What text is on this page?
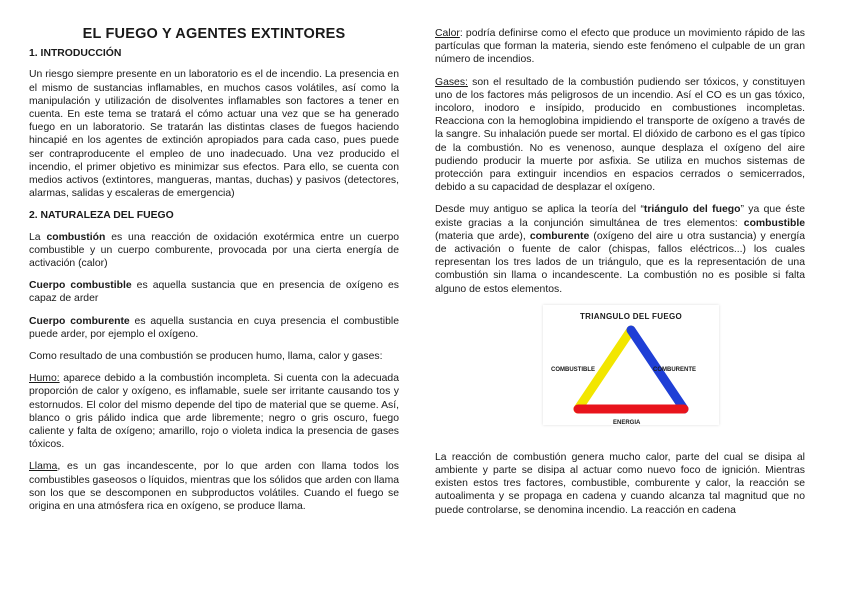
EL FUEGO Y AGENTES EXTINTORES
1. INTRODUCCIÓN

Un riesgo siempre presente en un laboratorio es el de incendio. La presencia en el mismo de sustancias inflamables, en muchos casos volátiles, así como la manipulación y utilización de disolventes inflamables son factores a tener en cuenta. En este tema se tratará el cómo actuar una vez que se ha generado fuego en un laboratorio. Se tratarán las distintas clases de fuegos haciendo hincapié en los agentes de extinción apropiados para cada caso, pues puede ser contraproducente el empleo de uno inadecuado. Una vez producido el incendio, el primer objetivo es minimizar sus efectos. Para ello, se cuenta con medios activos (extintores, mangueras, mantas, duchas) y pasivos (detectores, alarmas, salidas y escaleras de emergencia)

2. NATURALEZA DEL FUEGO

La combustión es una reacción de oxidación exotérmica entre un cuerpo combustible y un cuerpo comburente, provocada por una cierta energía de activación (calor)

Cuerpo combustible es aquella sustancia que en presencia de oxígeno es capaz de arder

Cuerpo comburente es aquella sustancia en cuya presencia el combustible puede arder, por ejemplo el oxígeno.

Como resultado de una combustión se producen humo, llama, calor y gases:

Humo: aparece debido a la combustión incompleta. Si cuenta con la adecuada proporción de calor y oxígeno, es inflamable, suele ser irritante causando tos y estornudos. El color del mismo depende del tipo de material que se queme. Así, blanco o gris pálido indica que arde libremente; negro o gris oscuro, fuego caliente y falta de oxígeno; amarillo, rojo o violeta indica la presencia de gases tóxicos.

Llama, es un gas incandescente, por lo que arden con llama todos los combustibles gaseosos o líquidos, mientras que los sólidos que arden con llama son los que se descomponen en subproductos volátiles. Cuando el fuego se origina en una atmósfera rica en oxígeno, se produce llama.

Calor: podría definirse como el efecto que produce un movimiento rápido de las partículas que forman la materia, siendo este fenómeno el culpable de un gran número de incendios.

Gases: son el resultado de la combustión pudiendo ser tóxicos, y constituyen uno de los factores más peligrosos de un incendio. Así el CO es un gas tóxico, incoloro, inodoro e insípido, producido en combustiones incompletas. Reacciona con la hemoglobina impidiendo el transporte de oxígeno a través de la sangre. Su inhalación puede ser mortal. El dióxido de carbono es el gas típico de la combustión. No es venenoso, aunque desplaza el oxígeno del aire pudiendo producir la muerte por asfixia. Se utiliza en muchos sistemas de protección para extinguir incendios en espacios cerrados o semicerrados, debido a su capacidad de desplazar el oxígeno.

Desde muy antiguo se aplica la teoría del “triángulo del fuego” ya que éste existe gracias a la conjunción simultánea de tres elementos: combustible (materia que arde), comburente (oxígeno del aire u otra sustancia) y energía de activación o fuente de calor (chispas, fallos eléctricos...) los cuales representan los tres lados de un triángulo, que es la representación de una combustión sin llama o incandescente. La combustión no es posible si falta alguno de estos elementos.

TRIANGULO DEL FUEGO
COMBUSTIBLE	COMBURENTE
ENERGIA

La reacción de combustión genera mucho calor, parte del cual se disipa al ambiente y parte se disipa al actuar como nuevo foco de ignición. Mientras existen estos tres factores, combustible, comburente y calor, la reacción se autoalimenta y se propaga en cadena y cuando alcanza tal magnitud que no puede controlarse, se denomina incendio. La reacción en cadena
